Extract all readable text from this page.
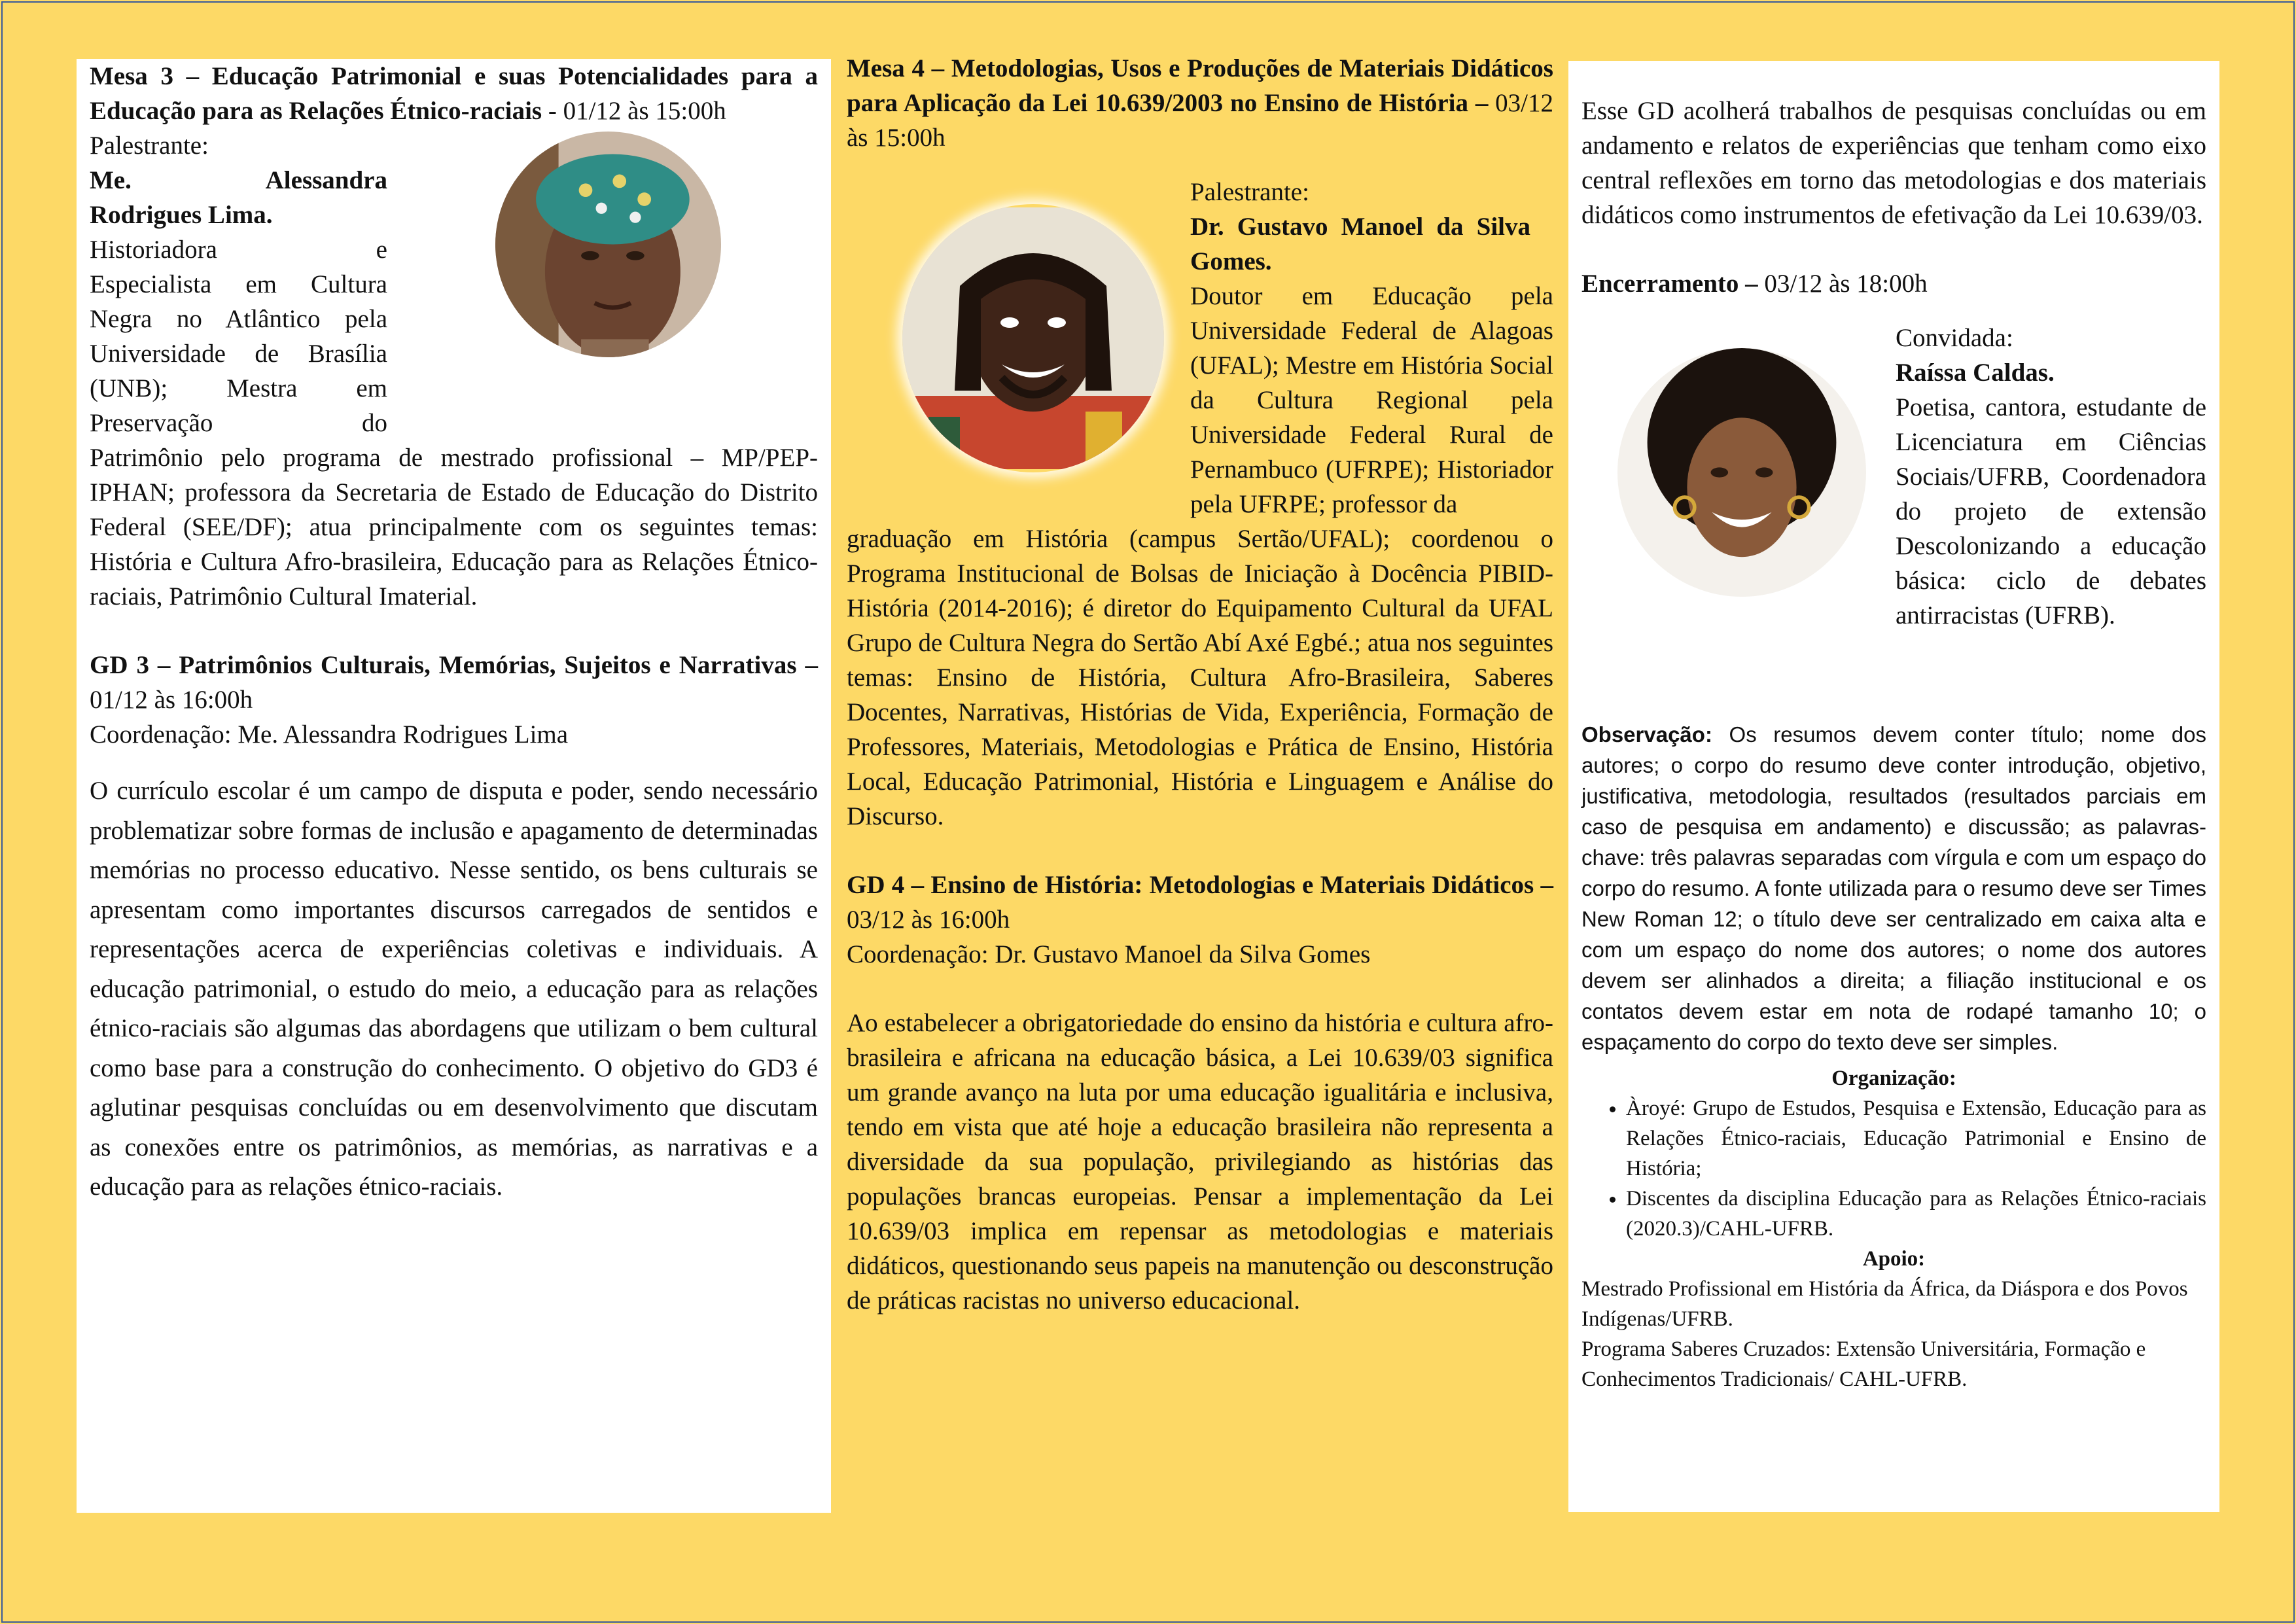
Mesa 3 – Educação Patrimonial e suas Potencialidades para a Educação para as Relações Étnico-raciais - 01/12 às 15:00h

Palestrante:

Me. Alessandra

Rodrigues Lima.

Historiadora e

Especialista em Cultura

Negra no Atlântico pela

Universidade de Brasília

(UNB); Mestra em

Preservação do

Patrimônio pelo programa de mestrado profissional – MP/PEP-IPHAN; professora da Secretaria de Estado de Educação do Distrito Federal (SEE/DF); atua principalmente com os seguintes temas: História e Cultura Afro-brasileira, Educação para as Relações Étnico-raciais, Patrimônio Cultural Imaterial.

GD 3 – Patrimônios Culturais, Memórias, Sujeitos e Narrativas – 01/12 às 16:00h

Coordenação: Me. Alessandra Rodrigues Lima

O currículo escolar é um campo de disputa e poder, sendo necessário problematizar sobre formas de inclusão e apagamento de determinadas memórias no processo educativo. Nesse sentido, os bens culturais se apresentam como importantes discursos carregados de sentidos e representações acerca de experiências coletivas e individuais. A educação patrimonial, o estudo do meio, a educação para as relações étnico-raciais são algumas das abordagens que utilizam o bem cultural como base para a construção do conhecimento. O objetivo do GD3 é aglutinar pesquisas concluídas ou em desenvolvimento que discutam as conexões entre os patrimônios, as memórias, as narrativas e a educação para as relações étnico-raciais.

Mesa 4 – Metodologias, Usos e Produções de Materiais Didáticos para Aplicação da Lei 10.639/2003 no Ensino de História – 03/12 às 15:00h

Palestrante:

Dr. Gustavo Manoel da Silva Gomes.

Doutor em Educação pela Universidade Federal de Alagoas (UFAL); Mestre em História Social da Cultura Regional pela Universidade Federal Rural de Pernambuco (UFRPE); Historiador pela UFRPE; professor da

graduação em História (campus Sertão/UFAL); coordenou o Programa Institucional de Bolsas de Iniciação à Docência PIBID-História (2014-2016); é diretor do Equipamento Cultural da UFAL Grupo de Cultura Negra do Sertão Abí Axé Egbé.; atua nos seguintes temas: Ensino de História, Cultura Afro-Brasileira, Saberes Docentes, Narrativas, Histórias de Vida, Experiência, Formação de Professores, Materiais, Metodologias e Prática de Ensino, História Local, Educação Patrimonial, História e Linguagem e Análise do Discurso.

GD 4 – Ensino de História: Metodologias e Materiais Didáticos – 03/12 às 16:00h

Coordenação: Dr. Gustavo Manoel da Silva Gomes

Ao estabelecer a obrigatoriedade do ensino da história e cultura afro-brasileira e africana na educação básica, a Lei 10.639/03 significa um grande avanço na luta por uma educação igualitária e inclusiva, tendo em vista que até hoje a educação brasileira não representa a diversidade da sua população, privilegiando as histórias das populações brancas europeias. Pensar a implementação da Lei 10.639/03 implica em repensar as metodologias e materiais didáticos, questionando seus papeis na manutenção ou desconstrução de práticas racistas no universo educacional.

Esse GD acolherá trabalhos de pesquisas concluídas ou em andamento e relatos de experiências que tenham como eixo central reflexões em torno das metodologias e dos materiais didáticos como instrumentos de efetivação da Lei 10.639/03.

Encerramento – 03/12 às 18:00h

Convidada:

Raíssa Caldas.

Poetisa, cantora, estudante de Licenciatura em Ciências Sociais/UFRB, Coordenadora do projeto de extensão Descolonizando a educação básica: ciclo de debates antirracistas (UFRB).

Observação: Os resumos devem conter título; nome dos autores; o corpo do resumo deve conter introdução, objetivo, justificativa, metodologia, resultados (resultados parciais em caso de pesquisa em andamento) e discussão; as palavras-chave: três palavras separadas com vírgula e com um espaço do corpo do resumo. A fonte utilizada para o resumo deve ser Times New Roman 12; o título deve ser centralizado em caixa alta e com um espaço do nome dos autores; o nome dos autores devem ser alinhados a direita; a filiação institucional e os contatos devem estar em nota de rodapé tamanho 10; o espaçamento do corpo do texto deve ser simples.

Organização:

• Àroyé: Grupo de Estudos, Pesquisa e Extensão, Educação para as Relações Étnico-raciais, Educação Patrimonial e Ensino de História;
• Discentes da disciplina Educação para as Relações Étnico-raciais (2020.3)/CAHL-UFRB.

Apoio:

Mestrado Profissional em História da África, da Diáspora e dos Povos Indígenas/UFRB.

Programa Saberes Cruzados: Extensão Universitária, Formação e Conhecimentos Tradicionais/ CAHL-UFRB.
